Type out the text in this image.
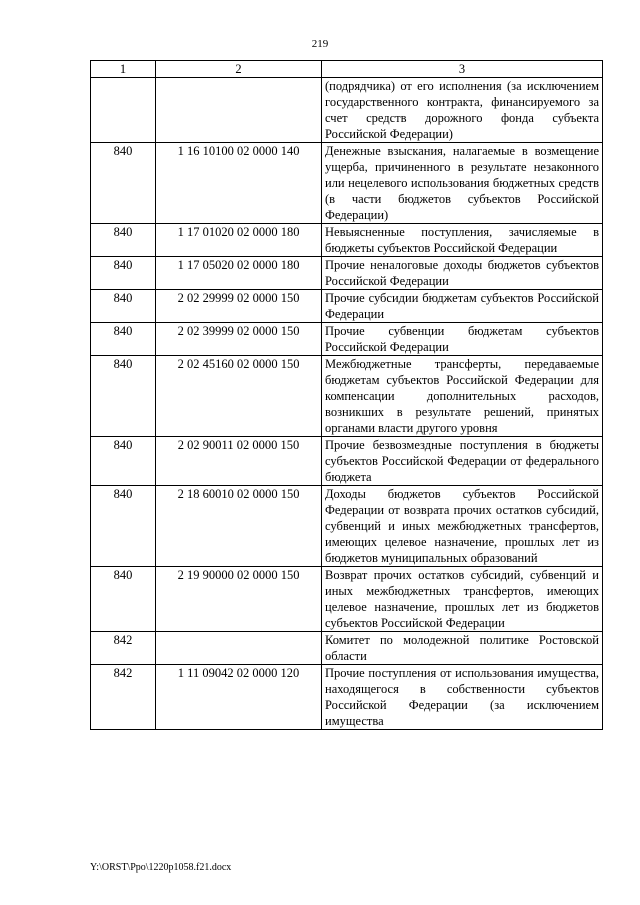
219
1	2	3
		(подрядчика) от его исполнения (за исключением государственного контракта, финансируемого за счет средств дорожного фонда субъекта Российской Федерации)
840	1 16 10100 02 0000 140	Денежные взыскания, налагаемые в возмещение ущерба, причиненного в результате незаконного или нецелевого использования бюджетных средств (в части бюджетов субъектов Российской Федерации)
840	1 17 01020 02 0000 180	Невыясненные поступления, зачисляемые в бюджеты субъектов Российской Федерации
840	1 17 05020 02 0000 180	Прочие неналоговые доходы бюджетов субъектов Российской Федерации
840	2 02 29999 02 0000 150	Прочие субсидии бюджетам субъектов Российской Федерации
840	2 02 39999 02 0000 150	Прочие субвенции бюджетам субъектов Российской Федерации
840	2 02 45160 02 0000 150	Межбюджетные трансферты, передаваемые бюджетам субъектов Российской Федерации для компенсации дополнительных расходов, возникших в результате решений, принятых органами власти другого уровня
840	2 02 90011 02 0000 150	Прочие безвозмездные поступления в бюджеты субъектов Российской Федерации от федерального бюджета
840	2 18 60010 02 0000 150	Доходы бюджетов субъектов Российской Федерации от возврата прочих остатков субсидий, субвенций и иных межбюджетных трансфертов, имеющих целевое назначение, прошлых лет из бюджетов муниципальных образований
840	2 19 90000 02 0000 150	Возврат прочих остатков субсидий, субвенций и иных межбюджетных трансфертов, имеющих целевое назначение, прошлых лет из бюджетов субъектов Российской Федерации
842		Комитет по молодежной политике Ростовской области
842	1 11 09042 02 0000 120	Прочие поступления от использования имущества, находящегося в собственности субъектов Российской Федерации (за исключением имущества
Y:\ORST\Ppo\1220p1058.f21.docx
